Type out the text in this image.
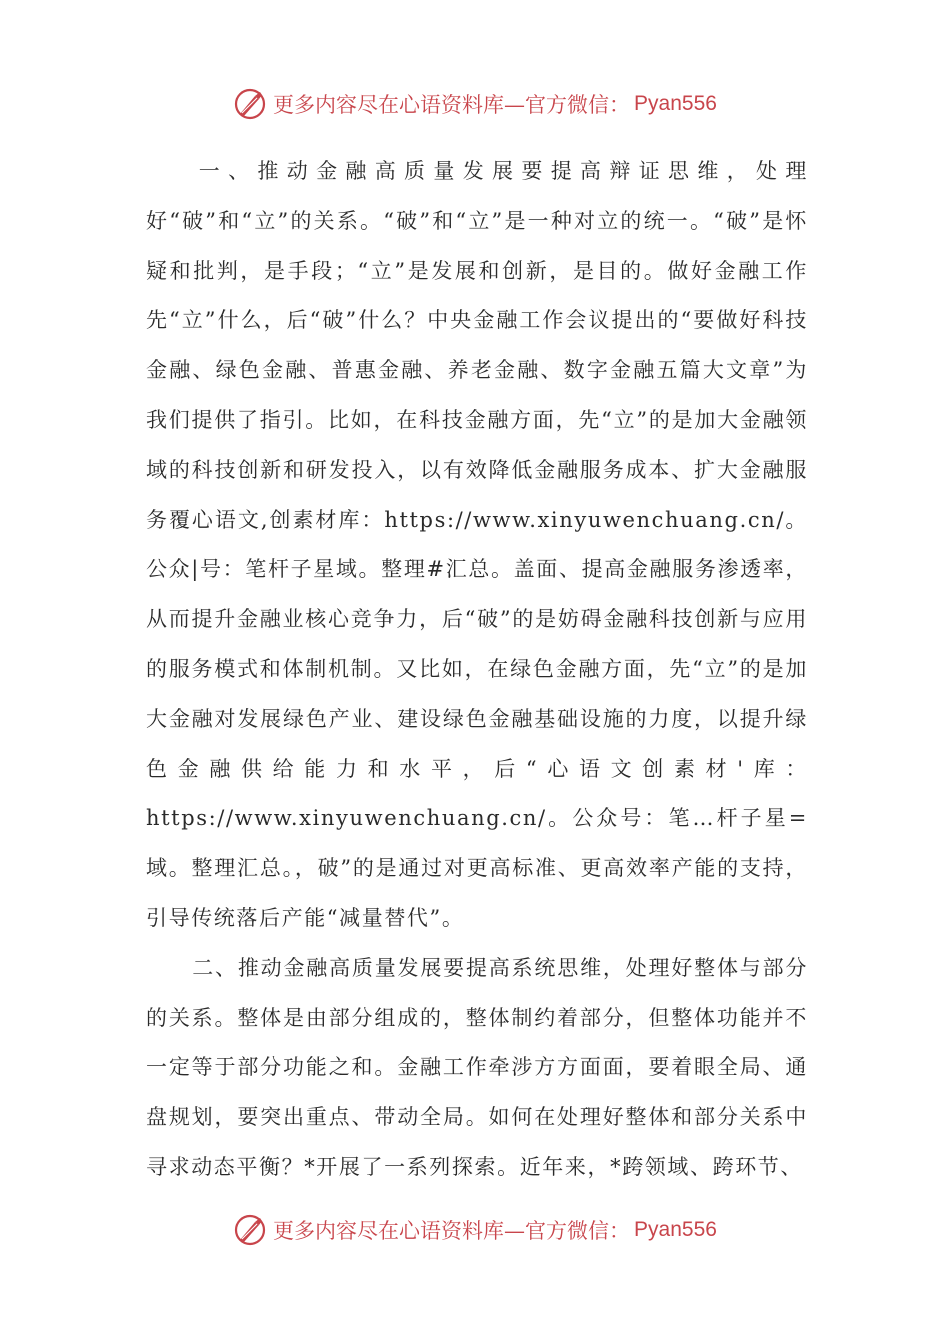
更多内容尽在心语资料库—官方微信： Pyan556

一、推动金融高质量发展要提高辩证思维，处理好“破”和“立”的关系。“破”和“立”是一种对立的统一。“破”是怀疑和批判，是手段；“立”是发展和创新，是目的。做好金融工作先“立”什么，后“破”什么？中央金融工作会议提出的“要做好科技金融、绿色金融、普惠金融、养老金融、数字金融五篇大文章”为我们提供了指引。比如，在科技金融方面，先“立”的是加大金融领域的科技创新和研发投入，以有效降低金融服务成本、扩大金融服务覆心语文,创素材库：https://www.xinyuwenchuang.cn/。公众|号：笔杆子星域。整理#汇总。盖面、提高金融服务渗透率，从而提升金融业核心竞争力，后“破”的是妨碍金融科技创新与应用的服务模式和体制机制。又比如，在绿色金融方面，先“立”的是加大金融对发展绿色产业、建设绿色金融基础设施的力度，以提升绿色金融供给能力和水平，后“心语文创素材'库：https://www.xinyuwenchuang.cn/。公众号：笔…杆子星=域。整理汇总。，破”的是通过对更高标准、更高效率产能的支持，引导传统落后产能“减量替代”。

二、推动金融高质量发展要提高系统思维，处理好整体与部分的关系。整体是由部分组成的，整体制约着部分，但整体功能并不一定等于部分功能之和。金融工作牵涉方方面面，要着眼全局、通盘规划，要突出重点、带动全局。如何在处理好整体和部分关系中寻求动态平衡？*开展了一系列探索。近年来，*跨领域、跨环节、

更多内容尽在心语资料库—官方微信： Pyan556
